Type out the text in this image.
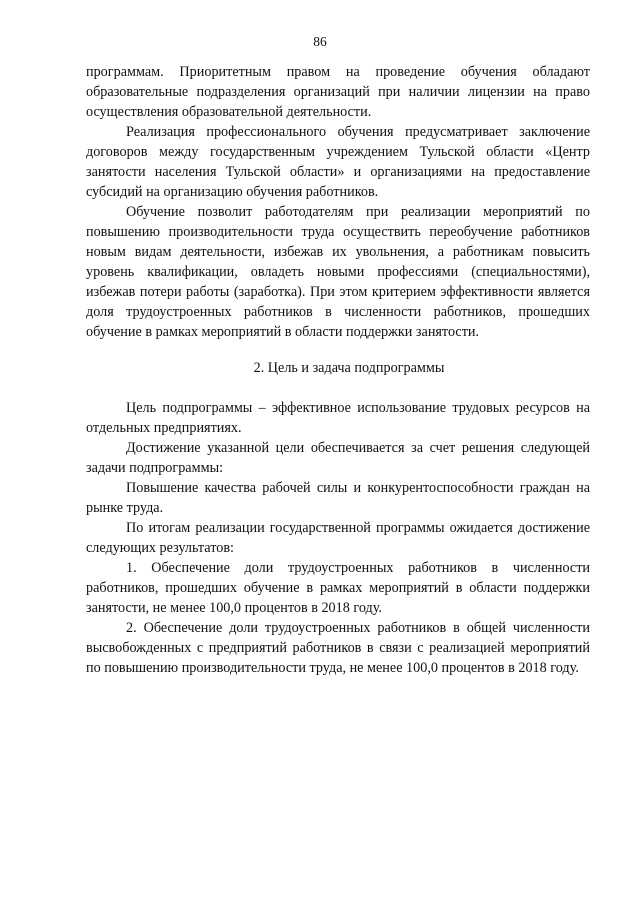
86

программам. Приоритетным правом на проведение обучения обладают образовательные подразделения организаций при наличии лицензии на право осуществления образовательной деятельности.

Реализация профессионального обучения предусматривает заключение договоров между государственным учреждением Тульской области «Центр занятости населения Тульской области» и организациями на предоставление субсидий на организацию обучения работников.

Обучение позволит работодателям при реализации мероприятий по повышению производительности труда осуществить переобучение работников новым видам деятельности, избежав их увольнения, а работникам повысить уровень квалификации, овладеть новыми профессиями (специальностями), избежав потери работы (заработка). При этом критерием эффективности является доля трудоустроенных работников в численности работников, прошедших обучение в рамках мероприятий в области поддержки занятости.

2. Цель и задача подпрограммы

Цель подпрограммы – эффективное использование трудовых ресурсов на отдельных предприятиях.

Достижение указанной цели обеспечивается за счет решения следующей задачи подпрограммы:

Повышение качества рабочей силы и конкурентоспособности граждан на рынке труда.

По итогам реализации государственной программы ожидается достижение следующих результатов:

1. Обеспечение доли трудоустроенных работников в численности работников, прошедших обучение в рамках мероприятий в области поддержки занятости, не менее 100,0 процентов в 2018 году.

2. Обеспечение доли трудоустроенных работников в общей численности высвобожденных с предприятий работников в связи с реализацией мероприятий по повышению производительности труда, не менее 100,0 процентов в 2018 году.
